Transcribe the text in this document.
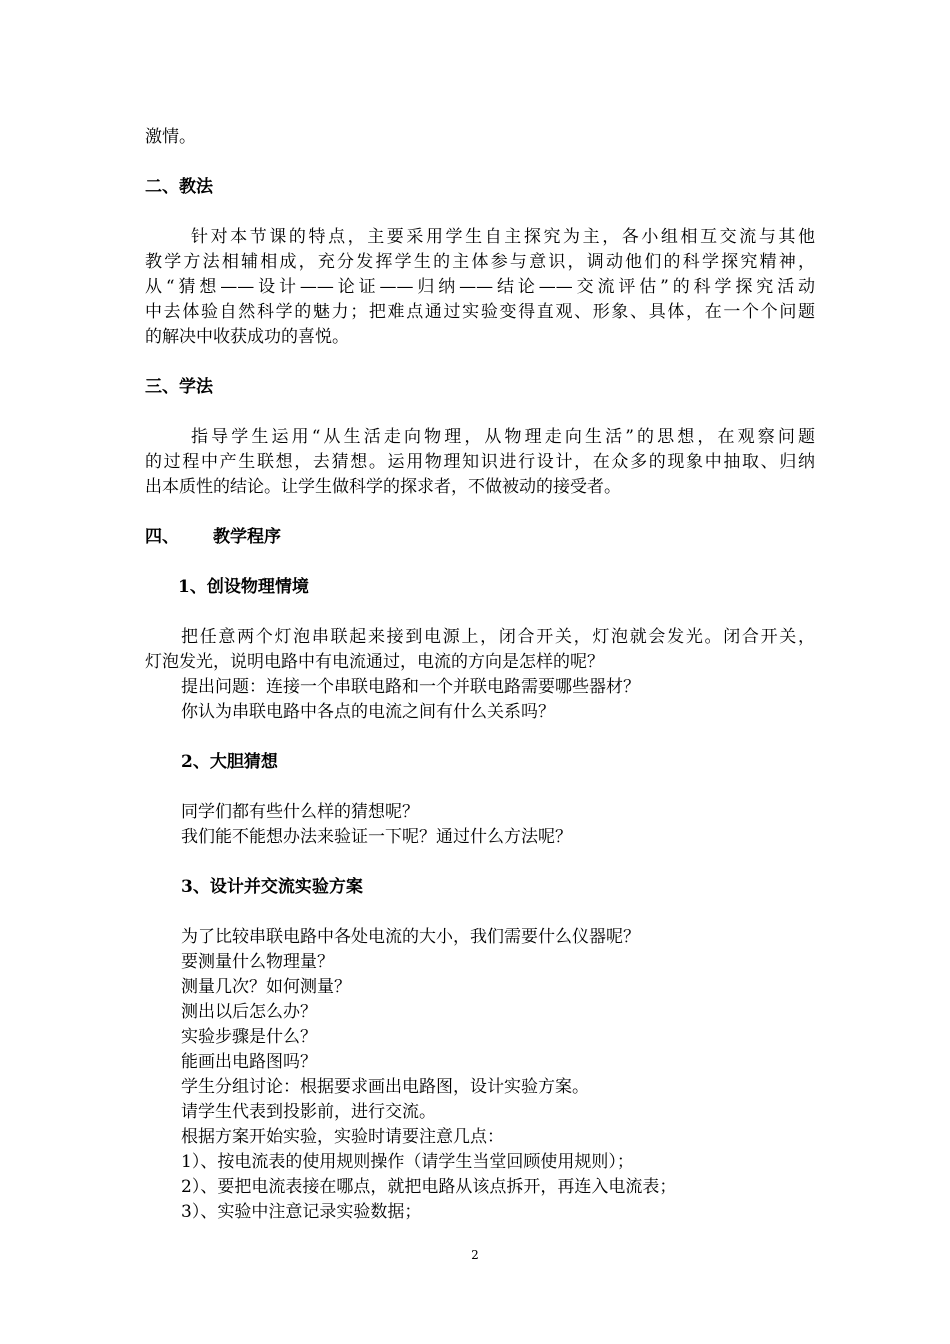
激情。
二、教法
针对本节课的特点，主要采用学生自主探究为主，各小组相互交流与其他
教学方法相辅相成，充分发挥学生的主体参与意识，调动他们的科学探究精神，
从“猜想——设计——论证——归纳——结论——交流评估”的科学探究活动
中去体验自然科学的魅力；把难点通过实验变得直观、形象、具体，在一个个问题
的解决中收获成功的喜悦。
三、学法
指导学生运用“从生活走向物理，从物理走向生活”的思想，在观察问题
的过程中产生联想，去猜想。运用物理知识进行设计，在众多的现象中抽取、归纳
出本质性的结论。让学生做科学的探求者，不做被动的接受者。
四、 教学程序
1、创设物理情境
把任意两个灯泡串联起来接到电源上，闭合开关，灯泡就会发光。闭合开关，
灯泡发光，说明电路中有电流通过，电流的方向是怎样的呢？
提出问题：连接一个串联电路和一个并联电路需要哪些器材？
你认为串联电路中各点的电流之间有什么关系吗？
2、大胆猜想
同学们都有些什么样的猜想呢？
我们能不能想办法来验证一下呢？通过什么方法呢？
3、设计并交流实验方案
为了比较串联电路中各处电流的大小，我们需要什么仪器呢？
要测量什么物理量？
测量几次？如何测量？
测出以后怎么办？
实验步骤是什么？
能画出电路图吗？
学生分组讨论：根据要求画出电路图，设计实验方案。
请学生代表到投影前，进行交流。
根据方案开始实验，实验时请要注意几点：
1）、按电流表的使用规则操作（请学生当堂回顾使用规则）；
2）、要把电流表接在哪点，就把电路从该点拆开，再连入电流表；
3）、实验中注意记录实验数据；
2
